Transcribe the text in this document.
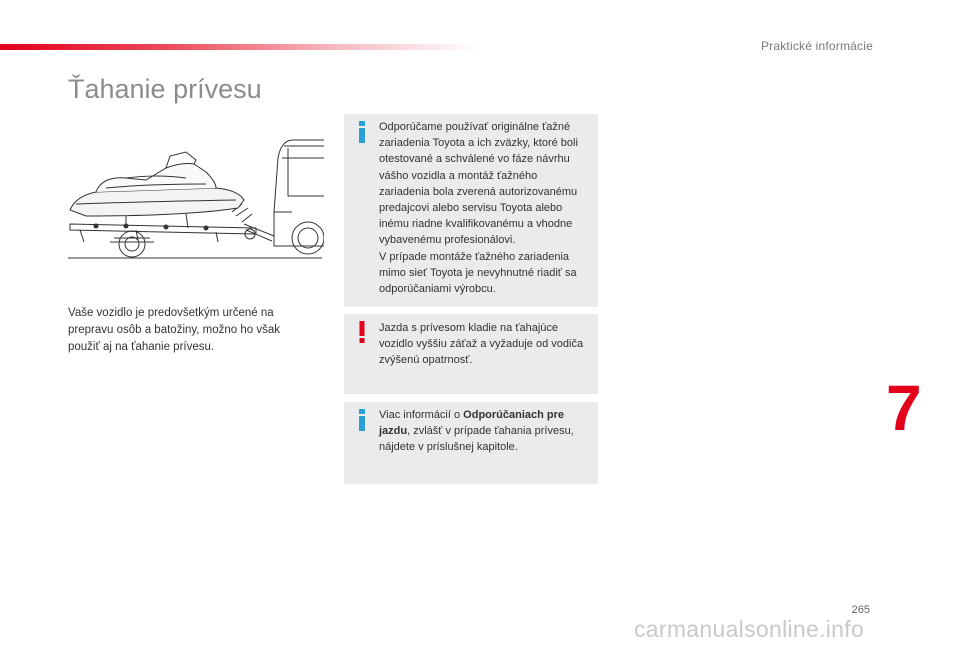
Praktické informácie
Ťahanie prívesu

Vaše vozidlo je predovšetkým určené na prepravu osôb a batožiny, možno ho však použiť aj na ťahanie prívesu.

Odporúčame používať originálne ťažné zariadenia Toyota a ich zväzky, ktoré boli otestované a schválené vo fáze návrhu vášho vozidla a montáž ťažného zariadenia bola zverená autorizovanému predajcovi alebo servisu Toyota alebo inému riadne kvalifikovanému a vhodne vybavenému profesionálovi.

V prípade montáže ťažného zariadenia mimo sieť Toyota je nevyhnutné riadiť sa odporúčaniami výrobcu.

Jazda s prívesom kladie na ťahajúce vozidlo vyššiu záťaž a vyžaduje od vodiča zvýšenú opatrnosť.

Viac informácií o Odporúčaniach pre jazdu, zvlášť v prípade ťahania prívesu, nájdete v príslušnej kapitole.

7
265
carmanualsonline.info
